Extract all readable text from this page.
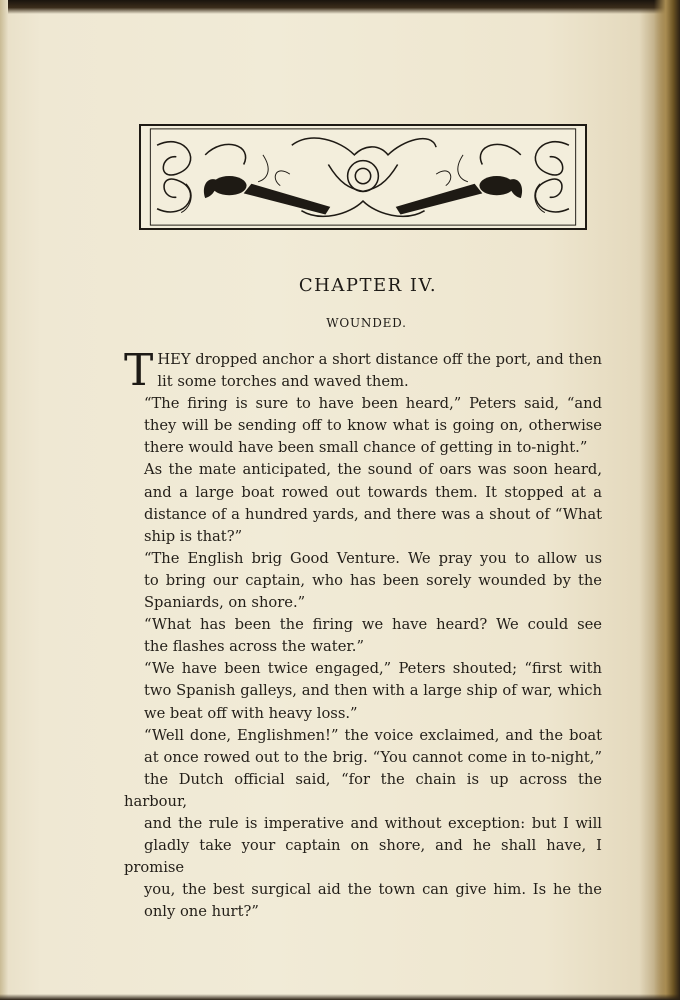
CHAPTER IV.
WOUNDED.

T HEY dropped anchor a short distance off the port, and then
lit some torches and waved them.

“The firing is sure to have been heard,” Peters said, “and
they will be sending off to know what is going on, otherwise
there would have been small chance of getting in to-night.”

As the mate anticipated, the sound of oars was soon heard,
and a large boat rowed out towards them. It stopped at a
distance of a hundred yards, and there was a shout of “What
ship is that?”

“The English brig Good Venture. We pray you to allow us
to bring our captain, who has been sorely wounded by the
Spaniards, on shore.”

“What has been the firing we have heard? We could see
the flashes across the water.”

“We have been twice engaged,” Peters shouted; “first with
two Spanish galleys, and then with a large ship of war, which
we beat off with heavy loss.”

“Well done, Englishmen!” the voice exclaimed, and the boat
at once rowed out to the brig. “You cannot come in to-night,”
the Dutch official said, “for the chain is up across the harbour,
and the rule is imperative and without exception: but I will
gladly take your captain on shore, and he shall have, I promise
you, the best surgical aid the town can give him. Is he the
only one hurt?”
